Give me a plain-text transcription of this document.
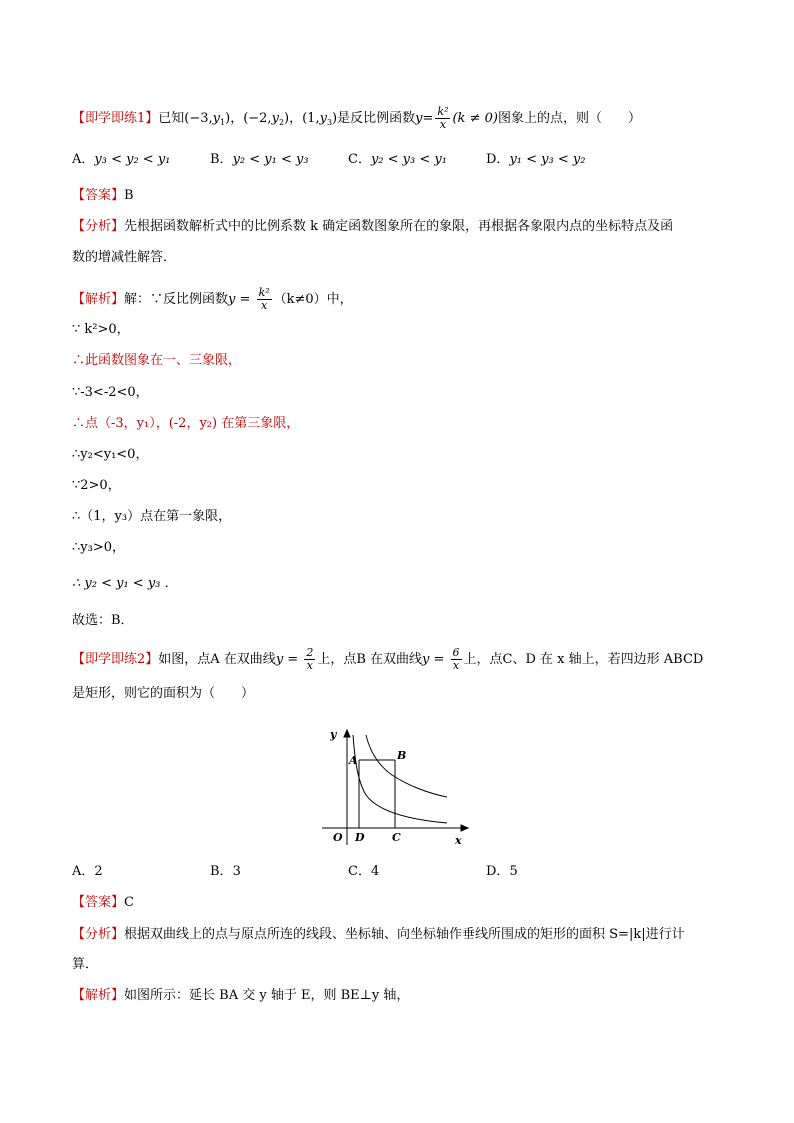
【即学即练1】已知$(-3,y_1)$，$(-2,y_2)$，$(1,y_3)$是反比例函数$y= \frac{\text{k²}}{x} (k \ne 0)$图象上的点，则（　　）
A．y₃ < y₂ < y₁	B．y₂ < y₁ < y₃	C．y₂ < y₃ < y₁	D．y₁ < y₃ < y₂
【答案】B
【分析】先根据函数解析式中的比例系数 k 确定函数图象所在的象限，再根据各象限内点的坐标特点及函
数的增减性解答．
【解析】解：∵反比例函数$y = \frac{\text{k²}}{x} (k\ne 0)$中，
∵ k²>0，
∴此函数图象在一、三象限，
∵-3<-2<0，
∴点（-3，y₁），(-2，y₂) 在第三象限，
∴y₂<y₁<0，
∵2>0，
∴（1，y₃）点在第一象限，
∴y₃>0，
∴ y₂ < y₁ < y₃ ．
故选：B．
【即学即练2】如图，点A 在双曲线$y = \frac{2}{x}$ 上，点B 在双曲线$y = \frac{6}{x}$ 上，点C、D 在 x 轴上，若四边形 ABCD
是矩形，则它的面积为（　　）
y
x
O
A	B
D C
A．2	B．3	C．4	D．5
【答案】C
【分析】根据双曲线上的点与原点所连的线段、坐标轴、向坐标轴作垂线所围成的矩形的面积 S=|k|进行计
算．
【解析】如图所示：延长 BA 交 y 轴于 E，则 BE⊥y 轴，
